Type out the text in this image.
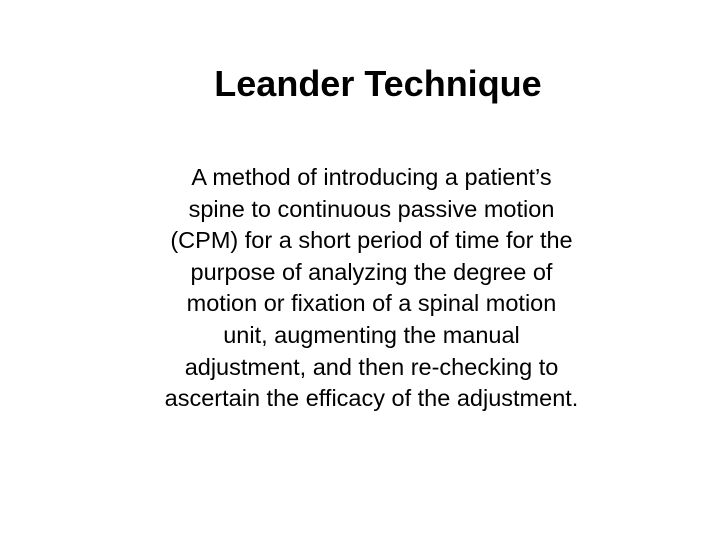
Leander Technique
A method of introducing a patient’s
spine to continuous passive motion
(CPM) for a short period of time for the
purpose of analyzing the degree of
motion or fixation of a spinal motion
unit, augmenting the manual
adjustment, and then re-checking to
ascertain the efficacy of the adjustment.
